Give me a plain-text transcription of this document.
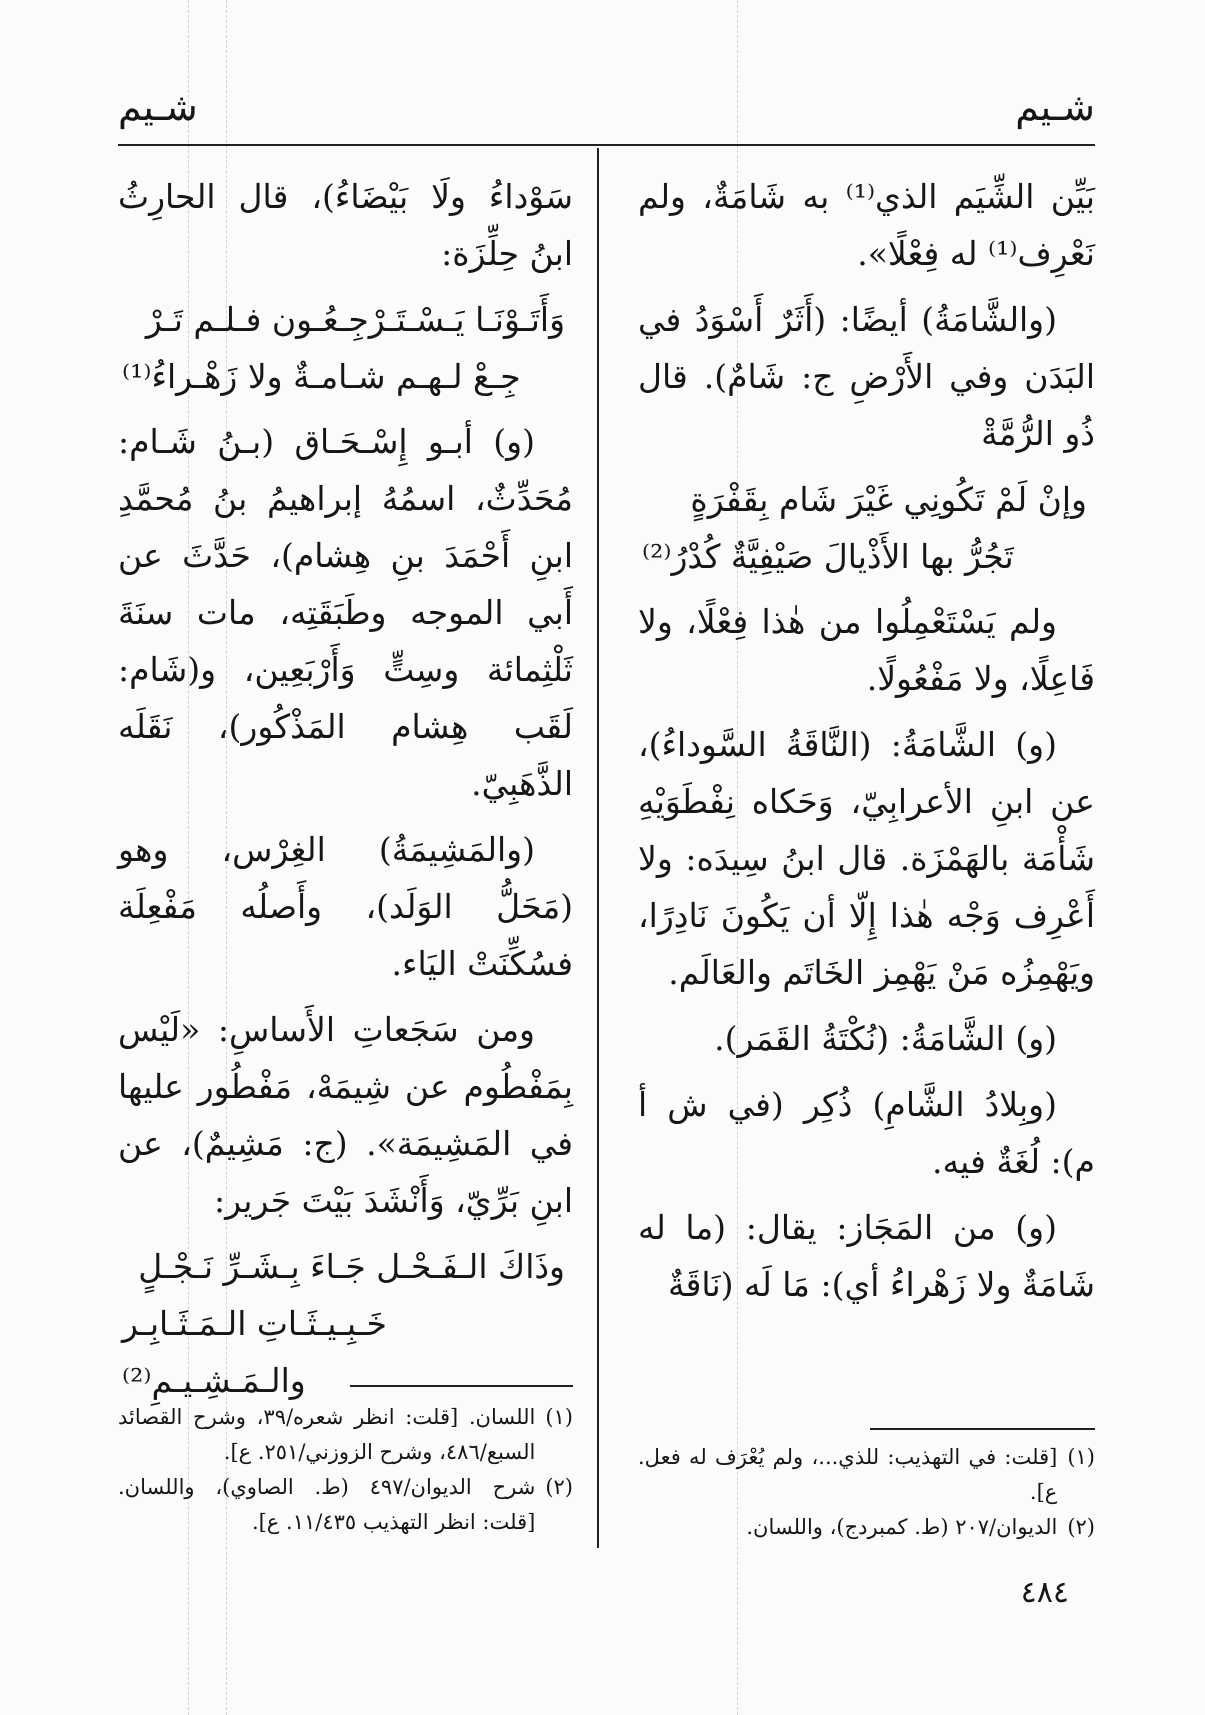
شـيم
شـيم

بَيِّن الشِّيَم الذي⁽¹⁾ به شَامَةٌ، ولم نَعْرِف⁽¹⁾ له فِعْلًا».

(والشَّامَةُ) أيضًا: (أَثَرٌ أَسْوَدُ في البَدَن وفي الأَرْضِ ج: شَامٌ). قال ذُو الرُّمَّةْ

وإنْ لَمْ تَكُونِي غَيْرَ شَام بِقَفْرَةٍ
تَجُرُّ بها الأَذْيالَ صَيْفِيَّةٌ كُدْرُ⁽²⁾

ولم يَسْتَعْمِلُوا من هٰذا فِعْلًا، ولا فَاعِلًا، ولا مَفْعُولًا.

(و) الشَّامَةُ: (النَّاقَةُ السَّوداءُ)، عن ابنِ الأعرابِيّ، وَحَكاه نِفْطَوَيْهِ شَأْمَة بالهَمْزَة. قال ابنُ سِيدَه: ولا أَعْرِف وَجْه هٰذا إِلّا أن يَكُونَ نَادِرًا، ويَهْمِزُه مَنْ يَهْمِز الخَاتَم والعَالَم.

(و) الشَّامَةُ: (نُكْتَةُ القَمَر).

(وبِلادُ الشَّامِ) ذُكِر (في ش أ م): لُغَةٌ فيه.

(و) من المَجَاز: يقال: (ما له شَامَةٌ ولا زَهْراءُ أي): مَا لَه (نَاقَةٌ

سَوْداءُ ولَا بَيْضَاءُ)، قال الحارِثُ ابنُ حِلِّزَة:

وَأَتَـوْنَـا يَـسْـتَـرْجِـعُـون فـلـم تَـرْ
جِـعْ لـهـم شـامـةٌ ولا زَهْـراءُ⁽¹⁾

(و) أبـو إِسْـحَـاق (بـنُ شَـام: مُحَدِّثٌ، اسمُهُ إبراهيمُ بنُ مُحمَّدِ ابنِ أَحْمَدَ بنِ هِشام)، حَدَّثَ عن أَبي الموجه وطَبَقَتِه، مات سنَةَ ثَلْثِمائة وسِتٍّ وَأَرْبَعِين، و(شَام: لَقَب هِشام المَذْكُور)، نَقَلَه الذَّهَبِيّ.

(والمَشِيمَةُ) الغِرْس، وهو (مَحَلُّ الوَلَد)، وأَصلُه مَفْعِلَة فسُكِّنَتْ اليَاء.

ومن سَجَعاتِ الأَساسِ: «لَيْس بِمَفْطُوم عن شِيمَهْ، مَفْطُور عليها في المَشِيمَة». (ج: مَشِيمٌ)، عن ابنِ بَرِّيّ، وَأَنْشَدَ بَيْتَ جَرير:

وذَاكَ الـفَـحْـل جَـاءَ بِـشَـرِّ نَـجْـلٍ
خَـبِـيـثَـاتِ الـمَـثَـابِـر والـمَـشِـيـمِ⁽²⁾

(١)
[قلت: في التهذيب: للذي...، ولم يُعْرَف له فعل. ع].

(٢)
الديوان/٢٠٧ (ط. كمبردج)، واللسان.

(١)
اللسان. [قلت: انظر شعره/٣٩، وشرح القصائد السبع/٤٨٦، وشرح الزوزني/٢٥١. ع].

(٢)
شرح الديوان/٤٩٧ (ط. الصاوي)، واللسان. [قلت: انظر التهذيب ١١/٤٣٥. ع].

٤٨٤
